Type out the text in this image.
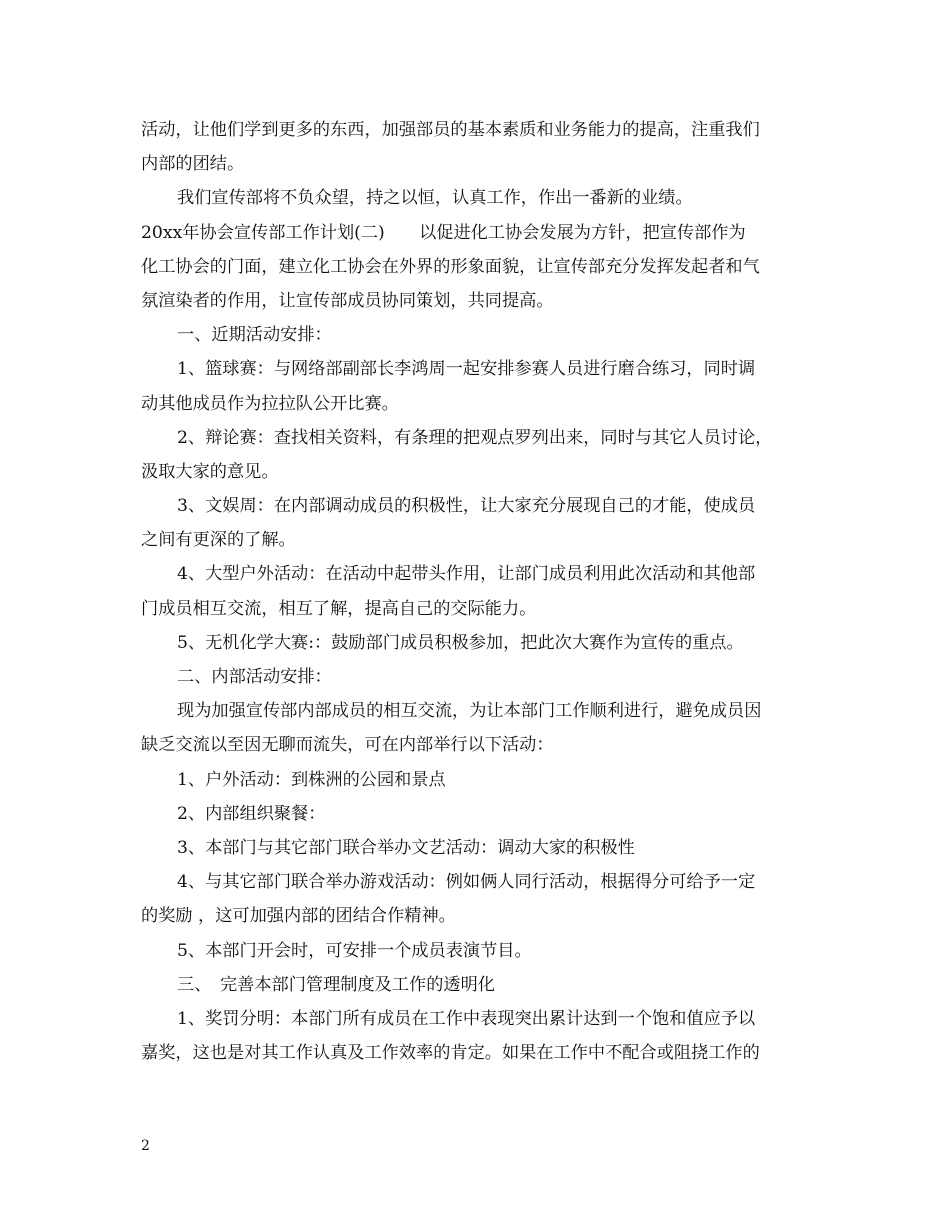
活动，让他们学到更多的东西，加强部员的基本素质和业务能力的提高，注重我们
内部的团结。
我们宣传部将不负众望，持之以恒，认真工作，作出一番新的业绩。
20xx年协会宣传部工作计划(二)　　以促进化工协会发展为方针，把宣传部作为
化工协会的门面，建立化工协会在外界的形象面貌，让宣传部充分发挥发起者和气
氛渲染者的作用，让宣传部成员协同策划，共同提高。
一、近期活动安排：
1、篮球赛：与网络部副部长李鸿周一起安排参赛人员进行磨合练习，同时调
动其他成员作为拉拉队公开比赛。
2、辩论赛：查找相关资料，有条理的把观点罗列出来，同时与其它人员讨论，
汲取大家的意见。
3、文娱周：在内部调动成员的积极性，让大家充分展现自己的才能，使成员
之间有更深的了解。
4、大型户外活动：在活动中起带头作用，让部门成员利用此次活动和其他部
门成员相互交流，相互了解，提高自己的交际能力。
5、无机化学大赛:：鼓励部门成员积极参加，把此次大赛作为宣传的重点。
二、内部活动安排：
现为加强宣传部内部成员的相互交流，为让本部门工作顺利进行，避免成员因
缺乏交流以至因无聊而流失，可在内部举行以下活动：
1、户外活动：到株洲的公园和景点
2、内部组织聚餐：
3、本部门与其它部门联合举办文艺活动：调动大家的积极性
4、与其它部门联合举办游戏活动：例如俩人同行活动，根据得分可给予一定
的奖励 ，这可加强内部的团结合作精神。
5、本部门开会时，可安排一个成员表演节目。
三、　完善本部门管理制度及工作的透明化
1、奖罚分明：本部门所有成员在工作中表现突出累计达到一个饱和值应予以
嘉奖，这也是对其工作认真及工作效率的肯定。如果在工作中不配合或阻挠工作的
2
